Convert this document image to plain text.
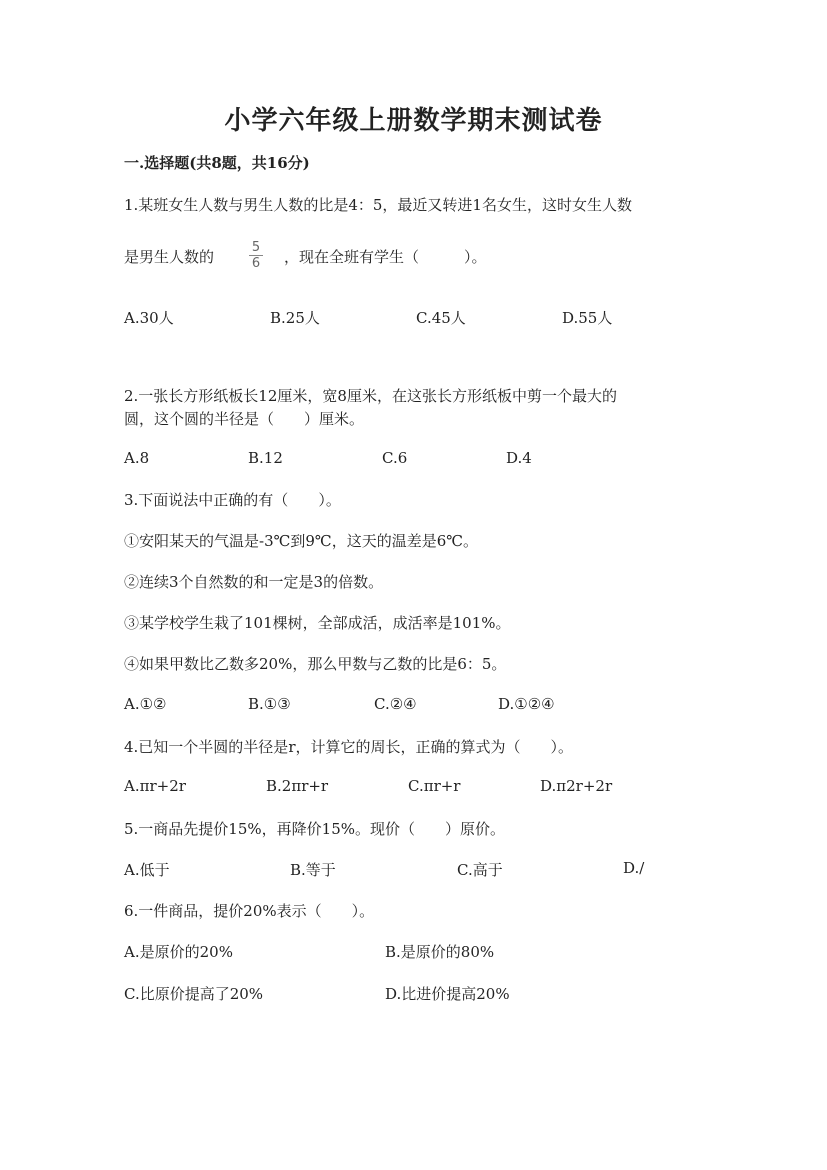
小学六年级上册数学期末测试卷
一.选择题(共8题，共16分)
1.某班女生人数与男生人数的比是4：5，最近又转进1名女生，这时女生人数
是男生人数的
5
6 ，现在全班有学生（　　　）。
A.30人	B.25人	C.45人	D.55人
2.一张长方形纸板长12厘米，宽8厘米，在这张长方形纸板中剪一个最大的
圆，这个圆的半径是（　　）厘米。
A.8	B.12	C.6	D.4
3.下面说法中正确的有（　　）。
①安阳某天的气温是-3℃到9℃，这天的温差是6℃。
②连续3个自然数的和一定是3的倍数。
③某学校学生栽了101棵树，全部成活，成活率是101%。
④如果甲数比乙数多20%，那么甲数与乙数的比是6：5。
A.①②	B.①③	C.②④	D.①②④
4.已知一个半圆的半径是r，计算它的周长，正确的算式为（　　）。
A.πr+2r	B.2πr+r	C.πr+r	D.π2r+2r
5.一商品先提价15%，再降价15%。现价（　　）原价。
A.低于	B.等于	C.高于	D./
6.一件商品，提价20%表示（　　）。
A.是原价的20%	B.是原价的80%
C.比原价提高了20%	D.比进价提高20%
